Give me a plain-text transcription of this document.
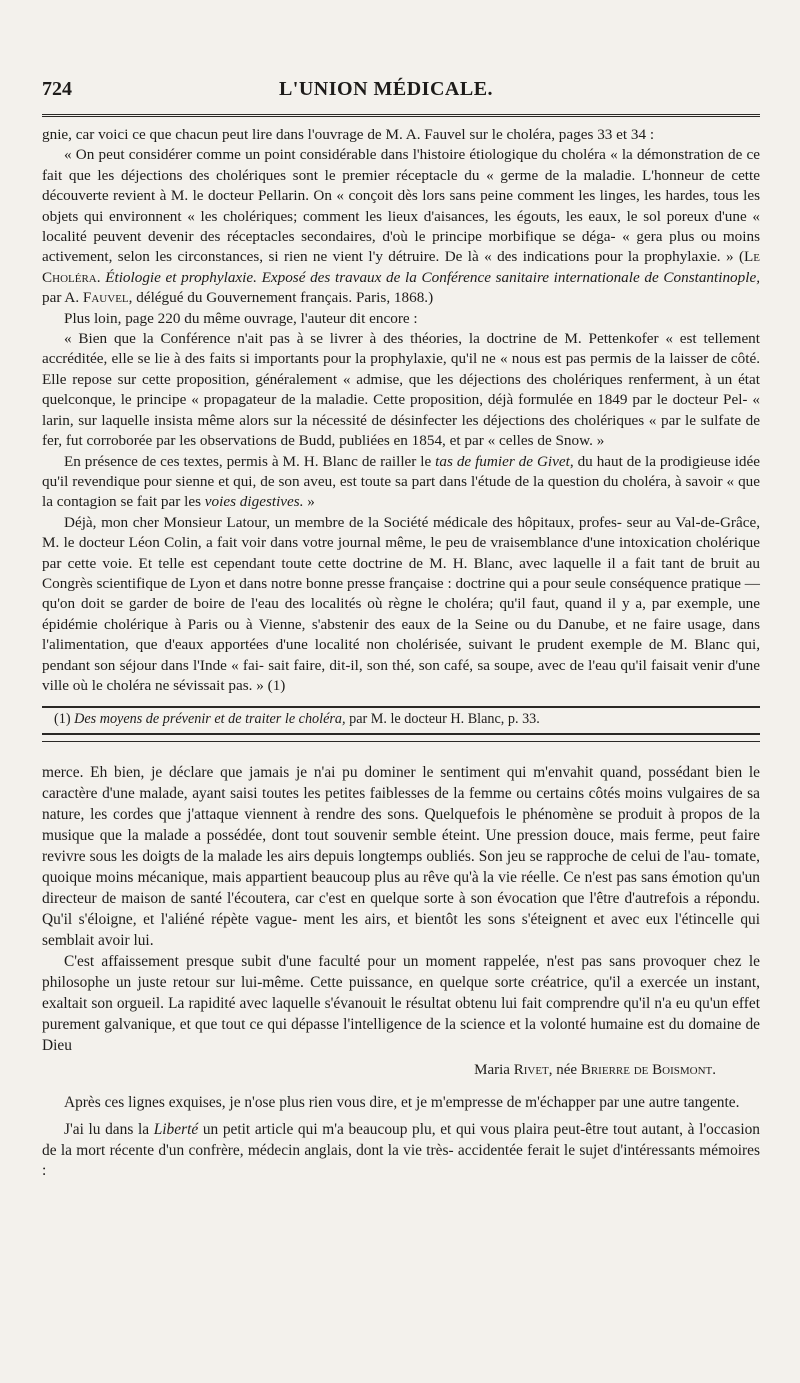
724	L'UNION MÉDICALE.

gnie, car voici ce que chacun peut lire dans l'ouvrage de M. A. Fauvel sur le choléra, pages 33 et 34 :

« On peut considérer comme un point considérable dans l'histoire étiologique du choléra « la démonstration de ce fait que les déjections des cholériques sont le premier réceptacle du « germe de la maladie. L'honneur de cette découverte revient à M. le docteur Pellarin. On « conçoit dès lors sans peine comment les linges, les hardes, tous les objets qui environnent « les cholériques; comment les lieux d'aisances, les égouts, les eaux, le sol poreux d'une « localité peuvent devenir des réceptacles secondaires, d'où le principe morbifique se déga- « gera plus ou moins activement, selon les circonstances, si rien ne vient l'y détruire. De là « des indications pour la prophylaxie. » (Le Choléra. Étiologie et prophylaxie. Exposé des travaux de la Conférence sanitaire internationale de Constantinople, par A. Fauvel, délégué du Gouvernement français. Paris, 1868.)

Plus loin, page 220 du même ouvrage, l'auteur dit encore :

« Bien que la Conférence n'ait pas à se livrer à des théories, la doctrine de M. Pettenkofer « est tellement accréditée, elle se lie à des faits si importants pour la prophylaxie, qu'il ne « nous est pas permis de la laisser de côté. Elle repose sur cette proposition, généralement « admise, que les déjections des cholériques renferment, à un état quelconque, le principe « propagateur de la maladie. Cette proposition, déjà formulée en 1849 par le docteur Pel- « larin, sur laquelle insista même alors sur la nécessité de désinfecter les déjections des cholériques « par le sulfate de fer, fut corroborée par les observations de Budd, publiées en 1854, et par « celles de Snow. »

En présence de ces textes, permis à M. H. Blanc de railler le tas de fumier de Givet, du haut de la prodigieuse idée qu'il revendique pour sienne et qui, de son aveu, est toute sa part dans l'étude de la question du choléra, à savoir « que la contagion se fait par les voies digestives. »

Déjà, mon cher Monsieur Latour, un membre de la Société médicale des hôpitaux, profes- seur au Val-de-Grâce, M. le docteur Léon Colin, a fait voir dans votre journal même, le peu de vraisemblance d'une intoxication cholérique par cette voie. Et telle est cependant toute cette doctrine de M. H. Blanc, avec laquelle il a fait tant de bruit au Congrès scientifique de Lyon et dans notre bonne presse française : doctrine qui a pour seule conséquence pratique — qu'on doit se garder de boire de l'eau des localités où règne le choléra; qu'il faut, quand il y a, par exemple, une épidémie cholérique à Paris ou à Vienne, s'abstenir des eaux de la Seine ou du Danube, et ne faire usage, dans l'alimentation, que d'eaux apportées d'une localité non cholérisée, suivant le prudent exemple de M. Blanc qui, pendant son séjour dans l'Inde « fai- sait faire, dit-il, son thé, son café, sa soupe, avec de l'eau qu'il faisait venir d'une ville où le choléra ne sévissait pas. » (1)

(1) Des moyens de prévenir et de traiter le choléra, par M. le docteur H. Blanc, p. 33.

merce. Eh bien, je déclare que jamais je n'ai pu dominer le sentiment qui m'envahit quand, possédant bien le caractère d'une malade, ayant saisi toutes les petites faiblesses de la femme ou certains côtés moins vulgaires de sa nature, les cordes que j'attaque viennent à rendre des sons. Quelquefois le phénomène se produit à propos de la musique que la malade a possédée, dont tout souvenir semble éteint. Une pression douce, mais ferme, peut faire revivre sous les doigts de la malade les airs depuis longtemps oubliés. Son jeu se rapproche de celui de l'au- tomate, quoique moins mécanique, mais appartient beaucoup plus au rêve qu'à la vie réelle. Ce n'est pas sans émotion qu'un directeur de maison de santé l'écoutera, car c'est en quelque sorte à son évocation que l'être d'autrefois a répondu. Qu'il s'éloigne, et l'aliéné répète vague- ment les airs, et bientôt les sons s'éteignent et avec eux l'étincelle qui semblait avoir lui.

C'est affaissement presque subit d'une faculté pour un moment rappelée, n'est pas sans provoquer chez le philosophe un juste retour sur lui-même. Cette puissance, en quelque sorte créatrice, qu'il a exercée un instant, exaltait son orgueil. La rapidité avec laquelle s'évanouit le résultat obtenu lui fait comprendre qu'il n'a eu qu'un effet purement galvanique, et que tout ce qui dépasse l'intelligence de la science et la volonté humaine est du domaine de Dieu

Maria Rivet, née Brierre de Boismont.

Après ces lignes exquises, je n'ose plus rien vous dire, et je m'empresse de m'échapper par une autre tangente.

J'ai lu dans la Liberté un petit article qui m'a beaucoup plu, et qui vous plaira peut-être tout autant, à l'occasion de la mort récente d'un confrère, médecin anglais, dont la vie très- accidentée ferait le sujet d'intéressants mémoires :
